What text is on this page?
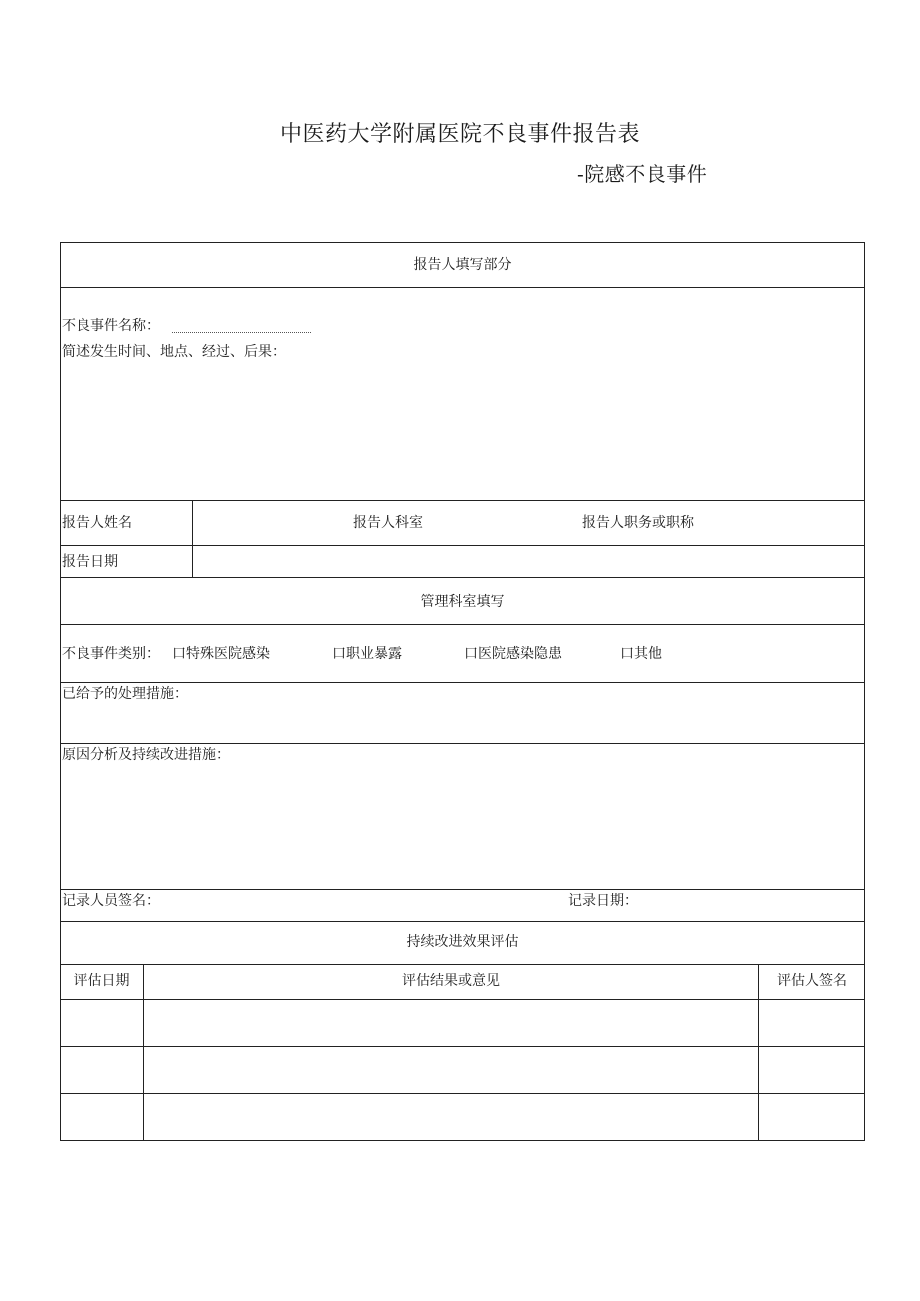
中医药大学附属医院不良事件报告表
-院感不良事件
报告人填写部分
不良事件名称：
简述发生时间、地点、经过、后果：
报告人姓名	报告人科室	报告人职务或职称
报告日期
管理科室填写
不良事件类别： 口特殊医院感染	口职业暴露	口医院感染隐患	口其他
已给予的处理措施：
原因分析及持续改进措施：
记录人员签名：	记录日期：
持续改进效果评估
评估日期	评估结果或意见	评估人签名
